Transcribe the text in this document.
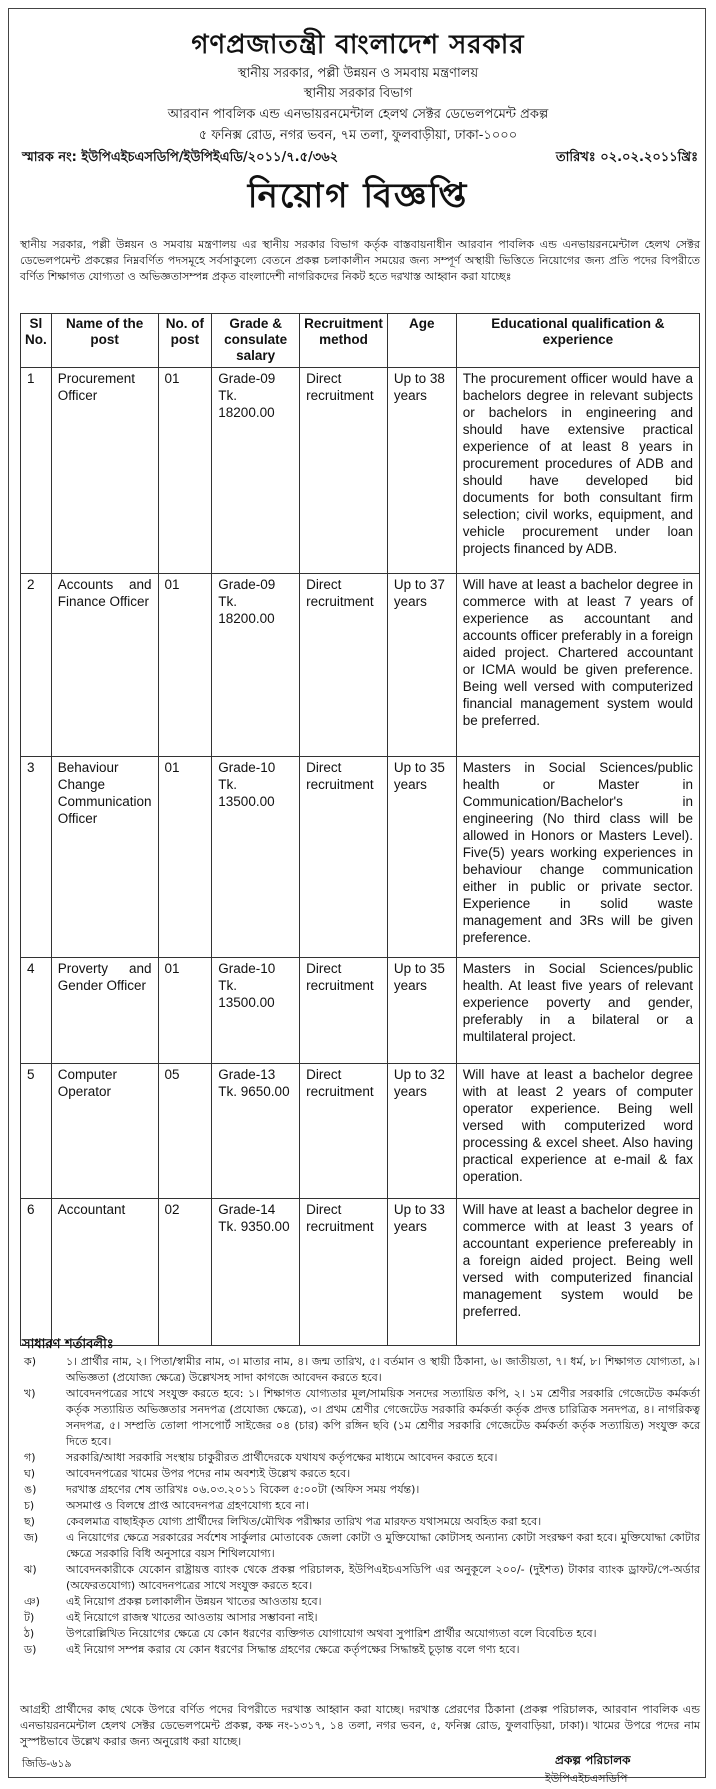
গণপ্রজাতন্ত্রী বাংলাদেশ সরকার
স্থানীয় সরকার, পল্লী উন্নয়ন ও সমবায় মন্ত্রণালয়
স্থানীয় সরকার বিভাগ
আরবান পাবলিক এন্ড এনভায়রনমেন্টাল হেলথ সেক্টর ডেভেলপমেন্ট প্রকল্প
৫ ফনিক্স রোড, নগর ভবন, ৭ম তলা, ফুলবাড়ীয়া, ঢাকা-১০০০
স্মারক নং: ইউপিএইচএসডিপি/ইউপিইএডি/২০১১/৭.৫/৩৬২	তারিখঃ ০২.০২.২০১১খ্রিঃ
নিয়োগ বিজ্ঞপ্তি
স্থানীয় সরকার, পল্লী উন্নয়ন ও সমবায় মন্ত্রণালয় এর স্থানীয় সরকার বিভাগ কর্তৃক বাস্তবায়নাধীন আরবান পাবলিক এন্ড এনভায়রনমেন্টাল হেলথ সেক্টর ডেভেলপমেন্ট প্রকল্পের নিম্নবর্ণিত পদসমূহে সর্বসাকুল্যে বেতনে প্রকল্প চলাকালীন সময়ের জন্য সম্পূর্ণ অস্থায়ী ভিত্তিতে নিয়োগের জন্য প্রতি পদের বিপরীতে বর্ণিত শিক্ষাগত যোগ্যতা ও অভিজ্ঞতাসম্পন্ন প্রকৃত বাংলাদেশী নাগরিকদের নিকট হতে দরখাস্ত আহ্বান করা যাচ্ছেঃ
Sl No.	Name of the post	No. of post	Grade & consulate salary	Recruitment method	Age	Educational qualification & experience
1	Procurement Officer	01	Grade-09
Tk. 18200.00	Direct recruitment	Up to 38 years	The procurement officer would have a bachelors degree in relevant subjects or bachelors in engineering and should have extensive practical experience of at least 8 years in procurement procedures of ADB and should have developed bid documents for both consultant firm selection; civil works, equipment, and vehicle procurement under loan projects financed by ADB.
2	Accounts and Finance Officer	01	Grade-09
Tk. 18200.00	Direct recruitment	Up to 37 years	Will have at least a bachelor degree in commerce with at least 7 years of experience as accountant and accounts officer preferably in a foreign aided project. Chartered accountant or ICMA would be given preference. Being well versed with computerized financial management system would be preferred.
3	Behaviour Change Communication Officer	01	Grade-10
Tk. 13500.00	Direct recruitment	Up to 35 years	Masters in Social Sciences/public health or Master in Communication/Bachelor's in engineering (No third class will be allowed in Honors or Masters Level). Five(5) years working experiences in behaviour change communication either in public or private sector. Experience in solid waste management and 3Rs will be given preference.
4	Proverty and Gender Officer	01	Grade-10
Tk. 13500.00	Direct recruitment	Up to 35 years	Masters in Social Sciences/public health. At least five years of relevant experience poverty and gender, preferably in a bilateral or a multilateral project.
5	Computer Operator	05	Grade-13
Tk. 9650.00	Direct recruitment	Up to 32 years	Will have at least a bachelor degree with at least 2 years of computer operator experience. Being well versed with computerized word processing & excel sheet. Also having practical experience at e-mail & fax operation.
6	Accountant	02	Grade-14
Tk. 9350.00	Direct recruitment	Up to 33 years	Will have at least a bachelor degree in commerce with at least 3 years of accountant experience prefereably in a foreign aided project. Being well versed with computerized financial management system would be preferred.
সাধারণ শর্তাবলীঃ
ক)	১। প্রার্থীর নাম, ২। পিতা/স্বামীর নাম, ৩। মাতার নাম, ৪। জন্ম তারিখ, ৫। বর্তমান ও স্থায়ী ঠিকানা, ৬। জাতীয়তা, ৭। ধর্ম, ৮। শিক্ষাগত যোগ্যতা, ৯। অভিজ্ঞতা (প্রযোজ্য ক্ষেত্রে) উল্লেখসহ সাদা কাগজে আবেদন করতে হবে।
খ)	আবেদনপত্রের সাথে সংযুক্ত করতে হবে: ১। শিক্ষাগত যোগ্যতার মূল/সাময়িক সনদের সত্যায়িত কপি, ২। ১ম শ্রেণীর সরকারি গেজেটেড কর্মকর্তা কর্তৃক সত্যায়িত অভিজ্ঞতার সনদপত্র (প্রযোজ্য ক্ষেত্রে), ৩। প্রথম শ্রেণীর গেজেটেড সরকারি কর্মকর্তা কর্তৃক প্রদত্ত চারিত্রিক সনদপত্র, ৪। নাগরিকত্ব সনদপত্র, ৫। সম্প্রতি তোলা পাসপোর্ট সাইজের ০৪ (চার) কপি রঙ্গিন ছবি (১ম শ্রেণীর সরকারি গেজেটেড কর্মকর্তা কর্তৃক সত্যায়িত) সংযুক্ত করে দিতে হবে।
গ)	সরকারি/আধা সরকারি সংস্থায় চাকুরীরত প্রার্থীদেরকে যথাযথ কর্তৃপক্ষের মাধ্যমে আবেদন করতে হবে।
ঘ)	আবেদনপত্রের খামের উপর পদের নাম অবশ্যই উল্লেখ করতে হবে।
ঙ)	দরখাস্ত গ্রহণের শেষ তারিখঃ ০৬.০৩.২০১১ বিকেল ৫:০০টা (অফিস সময় পর্যন্ত)।
চ)	অসমাপ্ত ও বিলম্বে প্রাপ্ত আবেদনপত্র গ্রহণযোগ্য হবে না।
ছ)	কেবলমাত্র বাছাইকৃত যোগ্য প্রার্থীদের লিখিত/মৌখিক পরীক্ষার তারিখ পত্র মারফত যথাসময়ে অবহিত করা হবে।
জ)	এ নিয়োগের ক্ষেত্রে সরকারের সর্বশেষ সার্কুলার মোতাবেক জেলা কোটা ও মুক্তিযোদ্ধা কোটাসহ অন্যান্য কোটা সংরক্ষণ করা হবে। মুক্তিযোদ্ধা কোটার ক্ষেত্রে সরকারি বিধি অনুসারে বয়স শিথিলযোগ্য।
ঝ)	আবেদনকারীকে যেকোন রাষ্ট্রায়ত্ত ব্যাংক থেকে প্রকল্প পরিচালক, ইউপিএইচএসডিপি এর অনুকূলে ২০০/- (দুইশত) টাকার ব্যাংক ড্রাফট/পে-অর্ডার (অফেরতযোগ্য) আবেদনপত্রের সাথে সংযুক্ত করতে হবে।
ঞ)	এই নিয়োগ প্রকল্প চলাকালীন উন্নয়ন খাতের আওতায় হবে।
ট)	এই নিয়োগে রাজস্ব খাতের আওতায় আসার সম্ভাবনা নাই।
ঠ)	উপরোল্লিখিত নিয়োগের ক্ষেত্রে যে কোন ধরণের ব্যক্তিগত যোগাযোগ অথবা সুপারিশ প্রার্থীর অযোগ্যতা বলে বিবেচিত হবে।
ড)	এই নিয়োগ সম্পন্ন করার যে কোন ধরণের সিদ্ধান্ত গ্রহণের ক্ষেত্রে কর্তৃপক্ষের সিদ্ধান্তই চূড়ান্ত বলে গণ্য হবে।
আগ্রহী প্রার্থীদের কাছ থেকে উপরে বর্ণিত পদের বিপরীতে দরখাস্ত আহ্বান করা যাচ্ছে। দরখাস্ত প্রেরণের ঠিকানা (প্রকল্প পরিচালক, আরবান পাবলিক এন্ড এনভায়রনমেন্টাল হেলথ সেক্টর ডেভেলপমেন্ট প্রকল্প, কক্ষ নং-১৩১৭, ১৪ তলা, নগর ভবন, ৫, ফনিক্স রোড, ফুলবাড়িয়া, ঢাকা)। খামের উপরে পদের নাম সুস্পষ্টভাবে উল্লেখ করার জন্য অনুরোধ করা যাচ্ছে।
জিডি-৬১৯	প্রকল্প পরিচালক
ইউপিএইচএসডিপি
